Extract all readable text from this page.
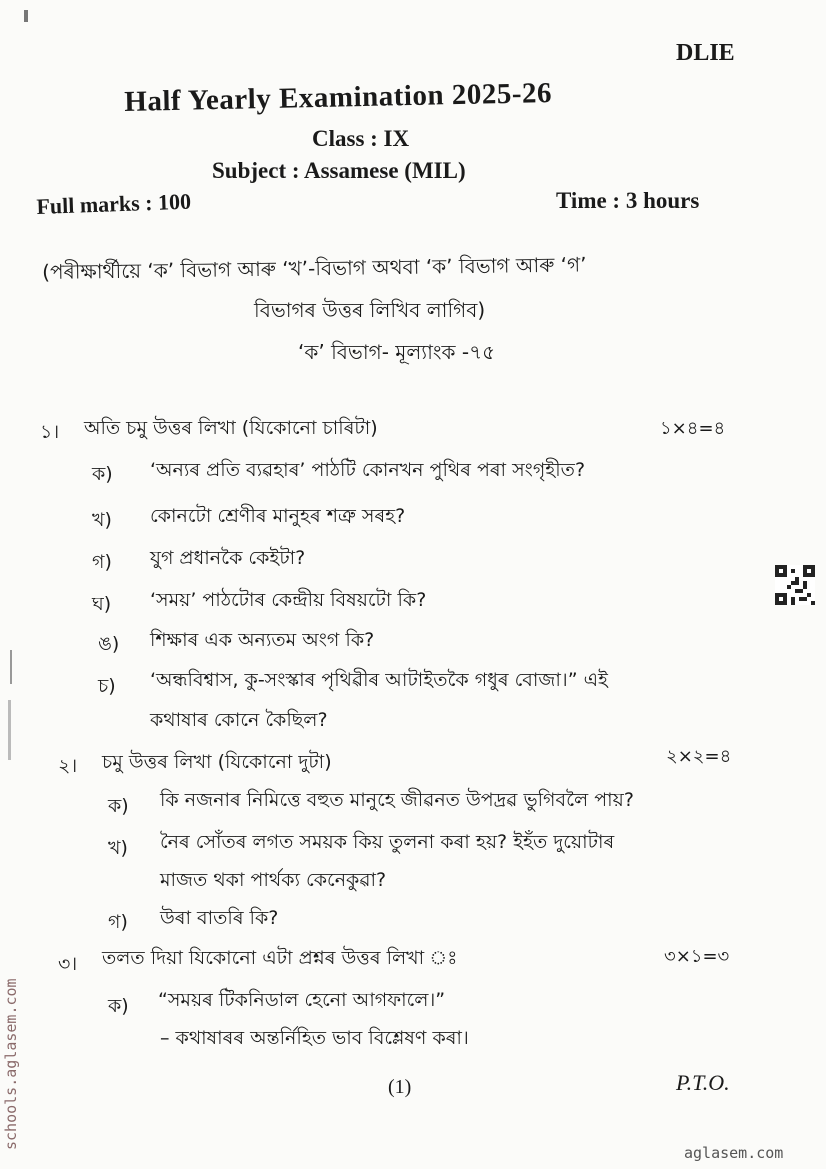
DLIE
Half Yearly Examination 2025-26
Class : IX
Subject : Assamese (MIL)
Full marks : 100	Time : 3 hours
(পৰীক্ষাৰ্থীয়ে ‘ক’ বিভাগ আৰু ‘খ’-বিভাগ অথবা ‘ক’ বিভাগ আৰু ‘গ’
বিভাগৰ উত্তৰ লিখিব লাগিব)
‘ক’ বিভাগ- মূল্যাংক -৭৫
১। অতি চমু উত্তৰ লিখা (যিকোনো চাৰিটা)	১×৪=৪
ক) ‘অন্যৰ প্ৰতি ব্যৱহাৰ’ পাঠটি কোনখন পুথিৰ পৰা সংগৃহীত?
খ) কোনটো শ্ৰেণীৰ মানুহৰ শত্ৰু সৰহ?
গ) যুগ প্ৰধানকৈ কেইটা?
ঘ) ‘সময়’ পাঠটোৰ কেন্দ্ৰীয় বিষয়টো কি?
ঙ) শিক্ষাৰ এক অন্যতম অংগ কি?
চ) ‘অন্ধবিশ্বাস, কু-সংস্কাৰ পৃথিৱীৰ আটাইতকৈ গধুৰ বোজা।” এই
কথাষাৰ কোনে কৈছিল?
২। চমু উত্তৰ লিখা (যিকোনো দুটা)	২×২=৪
ক) কি নজনাৰ নিমিত্তে বহুত মানুহে জীৱনত উপদ্ৰৱ ভুগিবলৈ পায়?
খ) নৈৰ সোঁতৰ লগত সময়ক কিয় তুলনা কৰা হয়? ইহঁত দুয়োটাৰ
মাজত থকা পাৰ্থক্য কেনেকুৱা?
গ) উৰা বাতৰি কি?
৩। তলত দিয়া যিকোনো এটা প্ৰশ্নৰ উত্তৰ লিখা ঃ	৩×১=৩
ক) “সময়ৰ টিকনিডাল হেনো আগফালে।”
– কথাষাৰৰ অন্তৰ্নিহিত ভাব বিশ্লেষণ কৰা।
(1)	P.T.O.
aglasem.com
schools.aglasem.com
